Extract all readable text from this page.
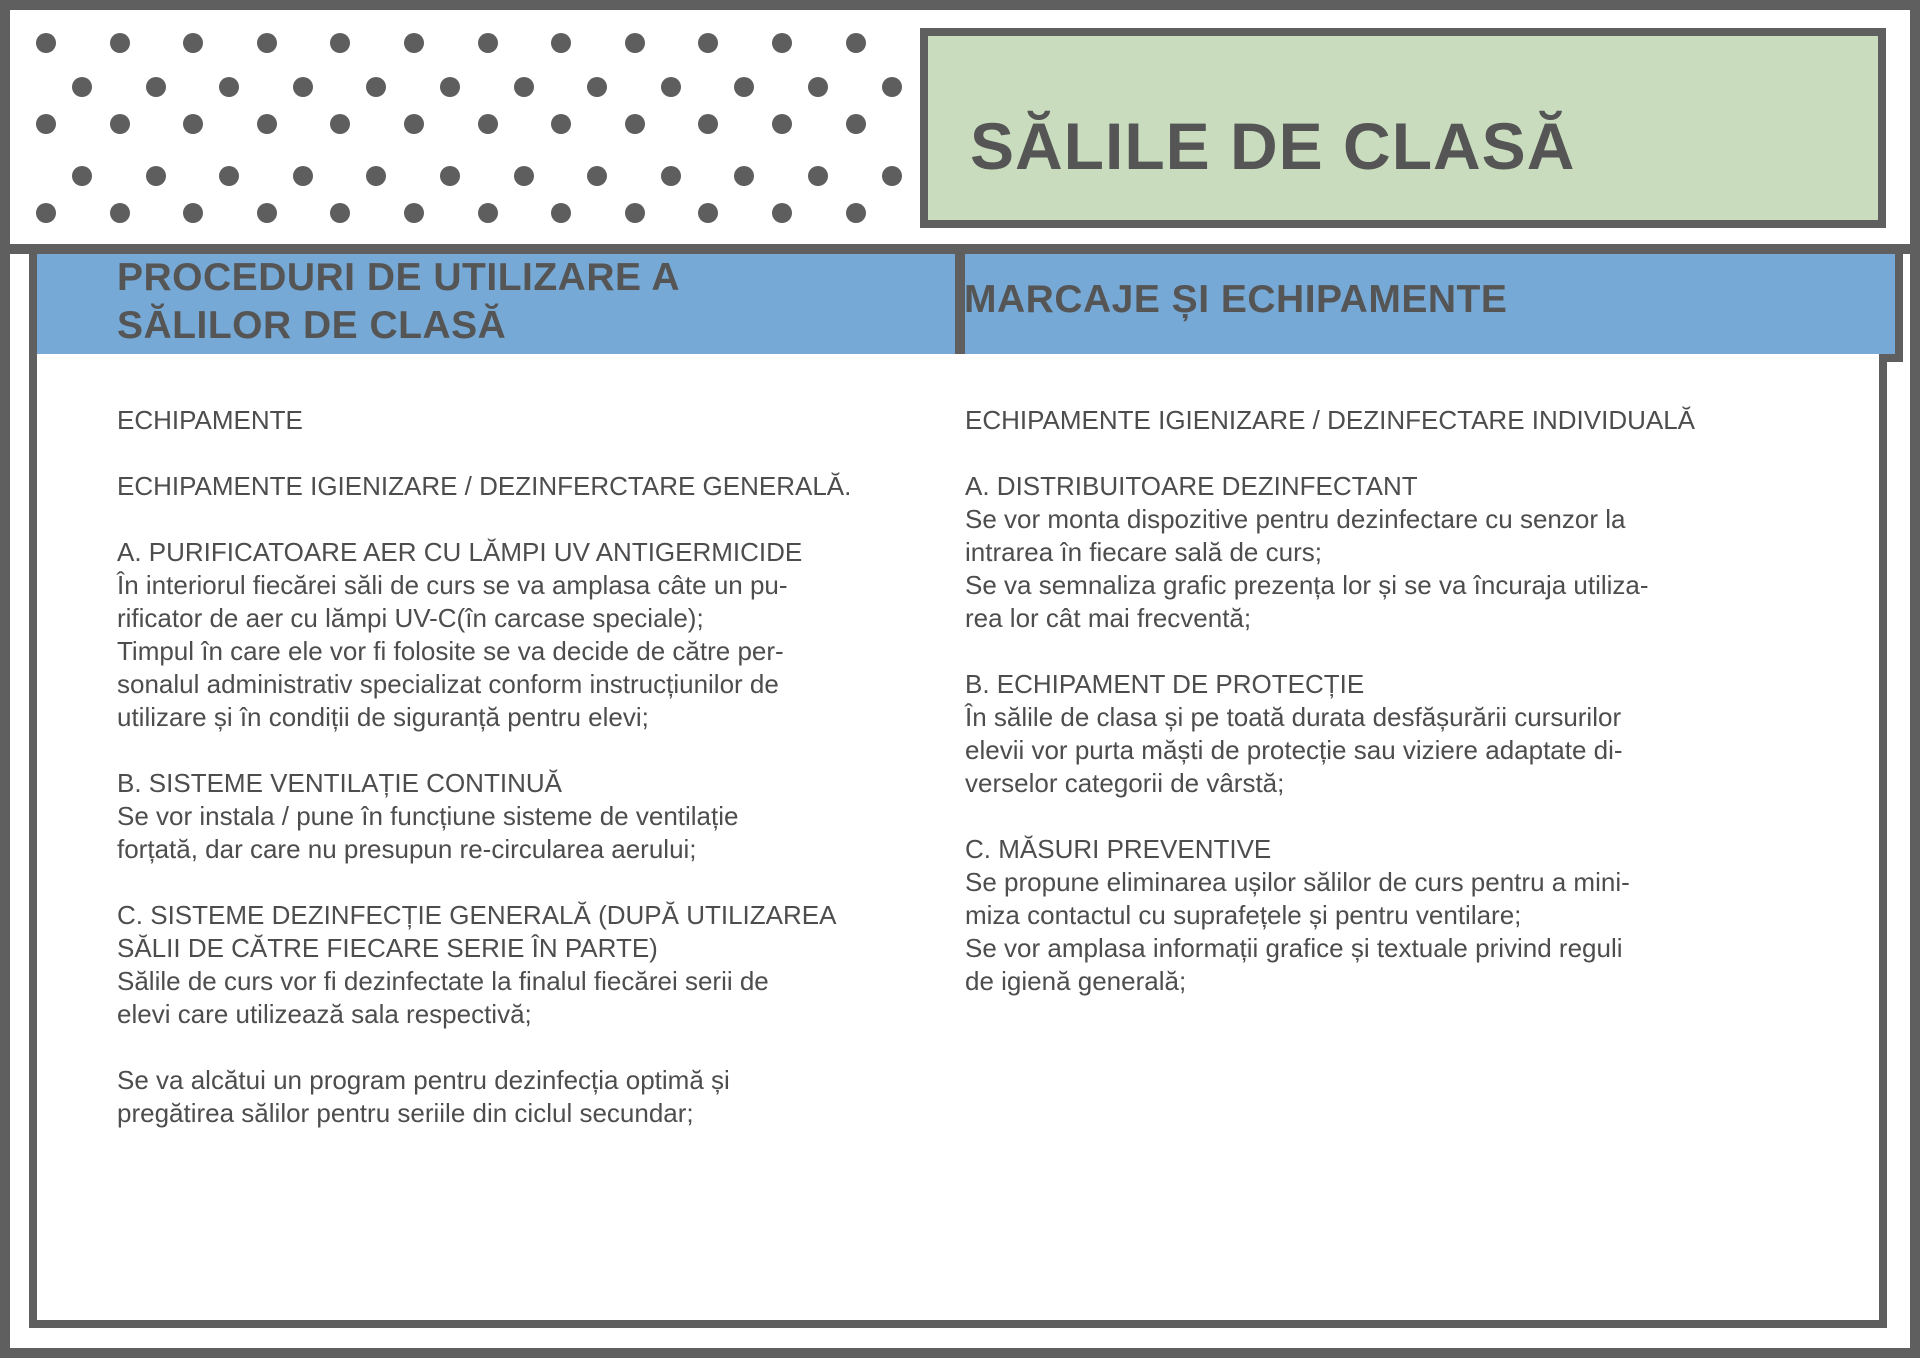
SĂLILE DE CLASĂ
PROCEDURI DE UTILIZARE A
SĂLILOR DE CLASĂ
MARCAJE ȘI ECHIPAMENTE

ECHIPAMENTE

ECHIPAMENTE IGIENIZARE / DEZINFERCTARE GENERALĂ.

A. PURIFICATOARE AER CU LĂMPI UV ANTIGERMICIDE
În interiorul fiecărei săli de curs se va amplasa câte un pu-
rificator de aer cu lămpi UV-C(în carcase speciale);
Timpul în care ele vor fi folosite se va decide de către per-
sonalul administrativ specializat conform instrucțiunilor de
utilizare și în condiții de siguranță pentru elevi;

B. SISTEME VENTILAȚIE CONTINUĂ
Se vor instala / pune în funcțiune sisteme de ventilație
forțată, dar care nu presupun re-circularea aerului;

C. SISTEME DEZINFECȚIE GENERALĂ (DUPĂ UTILIZAREA
SĂLII DE CĂTRE FIECARE SERIE ÎN PARTE)
Sălile de curs vor fi dezinfectate la finalul fiecărei serii de
elevi care utilizează sala respectivă;

Se va alcătui un program pentru dezinfecția optimă și
pregătirea sălilor pentru seriile din ciclul secundar;

ECHIPAMENTE IGIENIZARE / DEZINFECTARE INDIVIDUALĂ

A. DISTRIBUITOARE DEZINFECTANT
Se vor monta dispozitive pentru dezinfectare cu senzor la
intrarea în fiecare sală de curs;
Se va semnaliza grafic prezența lor și se va încuraja utiliza-
rea lor cât mai frecventă;

B. ECHIPAMENT DE PROTECȚIE
În sălile de clasa și pe toată durata desfășurării cursurilor
elevii vor purta măști de protecție sau viziere adaptate di-
verselor categorii de vârstă;

C. MĂSURI PREVENTIVE
Se propune eliminarea ușilor sălilor de curs pentru a mini-
miza contactul cu suprafețele și pentru ventilare;
Se vor amplasa informații grafice și textuale privind reguli
de igienă generală;
